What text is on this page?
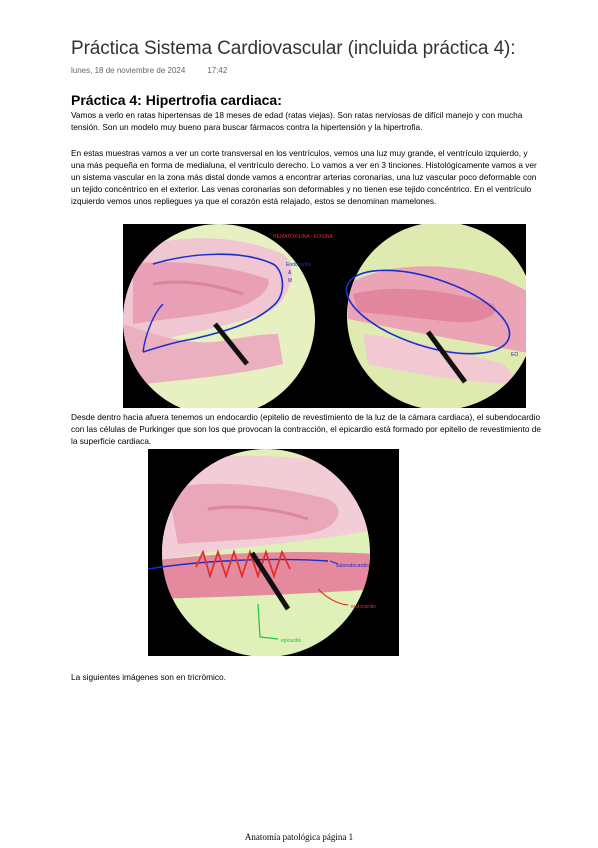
Práctica Sistema Cardiovascular (incluida práctica 4):
lunes, 18 de noviembre de 2024	17:42
Práctica 4: Hipertrofia cardiaca:
Vamos a verlo en ratas hipertensas de 18 meses de edad (ratas viejas). Son ratas nerviosas de difícil manejo y con mucha tensión. Son un modelo muy bueno para buscar fármacos contra la hipertensión y la hipertrofia.
En estas muestras vamos a ver un corte transversal en los ventrículos, vemos una luz muy grande, el ventrículo izquierdo, y una más pequeña en forma de medialuna, el ventrículo derecho. Lo vamos a ver en 3 tinciones. Histológicamente vamos a ver un sistema vascular en la zona más distal donde vamos a encontrar arterias coronarias, una luz vascular poco deformable con un tejido concéntrico en el exterior. Las venas coronarias son deformables y no tienen ese tejido concéntrico. En el ventrículo izquierdo vemos unos repliegues ya que el corazón está relajado, estos se denominan mamelones.
Endocardio
&
M
HEMATOXILINA - EOSINA
EO
Desde dentro hacia afuera tenemos un endocardio (epitelio de revestimiento de la luz de la cámara cardiaca), el subendocardio con las células de Purkinger que son los que provocan la contracción, el epicardio está formado por epitelio de revestimiento de la superficie cardiaca.
subendocardio
endocardio
epicardio
La siguientes imágenes son en tricrómico.
Anatomía patológica página 1
